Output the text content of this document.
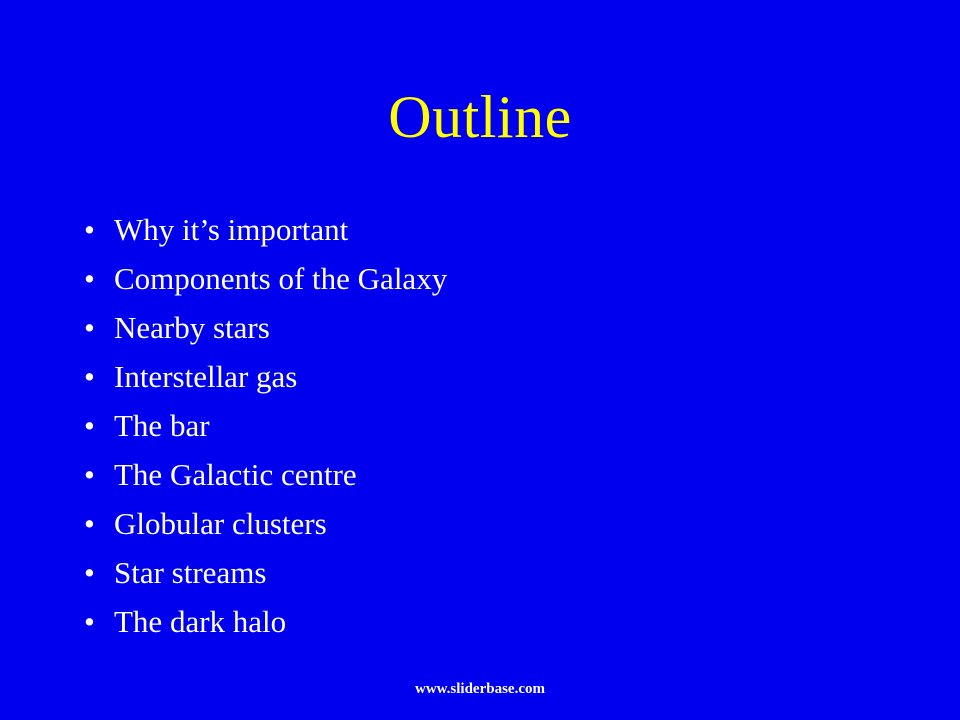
Outline
• Why it’s important
• Components of the Galaxy
• Nearby stars
• Interstellar gas
• The bar
• The Galactic centre
• Globular clusters
• Star streams
• The dark halo
www.sliderbase.com
